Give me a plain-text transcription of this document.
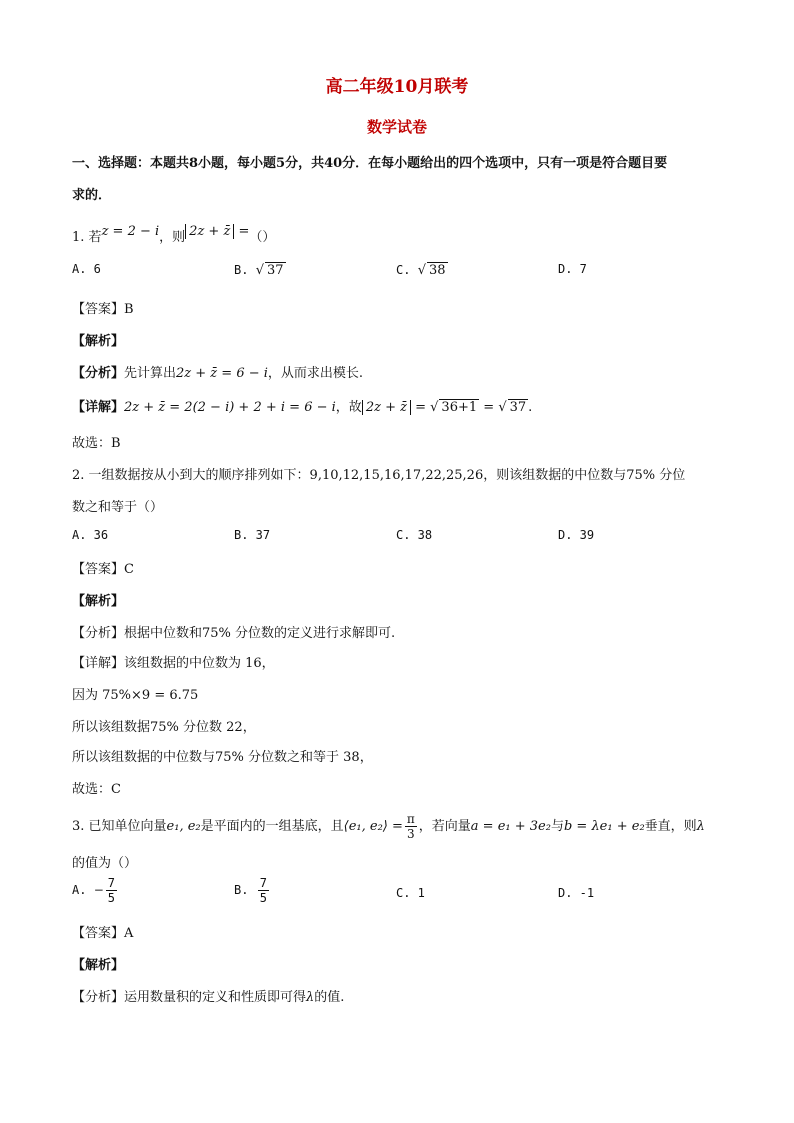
高二年级10月联考
数学试卷
一、选择题：本题共8小题，每小题5分，共40分．在每小题给出的四个选项中，只有一项是符合题目要
求的．
1. 若z = 2 − i，则 2z + z̄ =（）
A. 6	B. √ 37	C. √ 38	D. 7
【答案】B
【解析】
【分析】先计算出2z + z̄ = 6 − i，从而求出模长.
【详解】2z + z̄ = 2(2 − i) + 2 + i = 6 − i，故 2z + z̄ = √ 36+1 = √ 37 .
故选：B
2. 一组数据按从小到大的顺序排列如下：9,10,12,15,16,17,22,25,26，则该组数据的中位数与75% 分位
数之和等于（）
A. 36	B. 37	C. 38	D. 39
【答案】C
【解析】
【分析】根据中位数和75% 分位数的定义进行求解即可.
【详解】该组数据的中位数为 16，
因为 75%×9 = 6.75
所以该组数据75% 分位数 22，
所以该组数据的中位数与75% 分位数之和等于 38，
故选：C
3. 已知单位向量e₁, e₂是平面内的一组基底，且⟨e₁, e₂⟩ = $\frac{\pi}{3}$ ，若向量a = e₁ + 3e₂与b = λe₁ + e₂垂直，则λ
的值为（）
A. − $\frac{7}{5}$	B. $\frac{7}{5}$	C. 1	D. -1
【答案】A
【解析】
【分析】运用数量积的定义和性质即可得λ的值.
